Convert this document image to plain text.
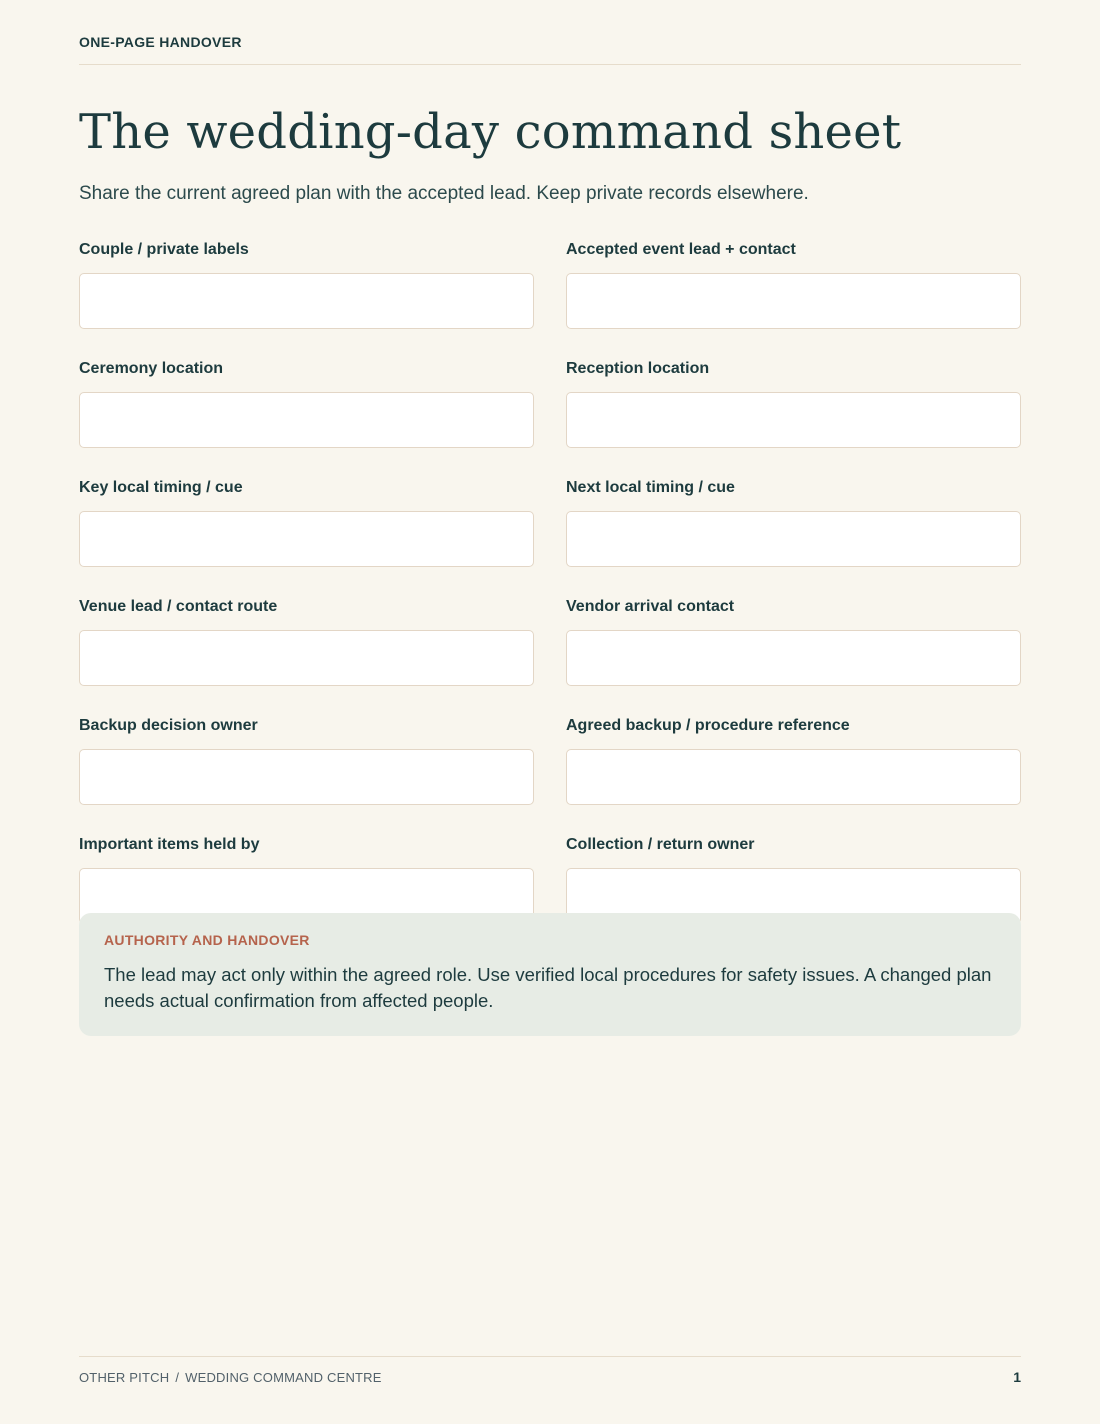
ONE-PAGE HANDOVER
The wedding-day command sheet

Share the current agreed plan with the accepted lead. Keep private records elsewhere.

Couple / private labels	Accepted event lead + contact
Ceremony location	Reception location
Key local timing / cue	Next local timing / cue
Venue lead / contact route	Vendor arrival contact
Backup decision owner	Agreed backup / procedure reference
Important items held by	Collection / return owner
AUTHORITY AND HANDOVER

The lead may act only within the agreed role. Use verified local procedures for safety issues. A changed plan needs actual confirmation from affected people.

OTHER PITCH / WEDDING COMMAND CENTRE	1
